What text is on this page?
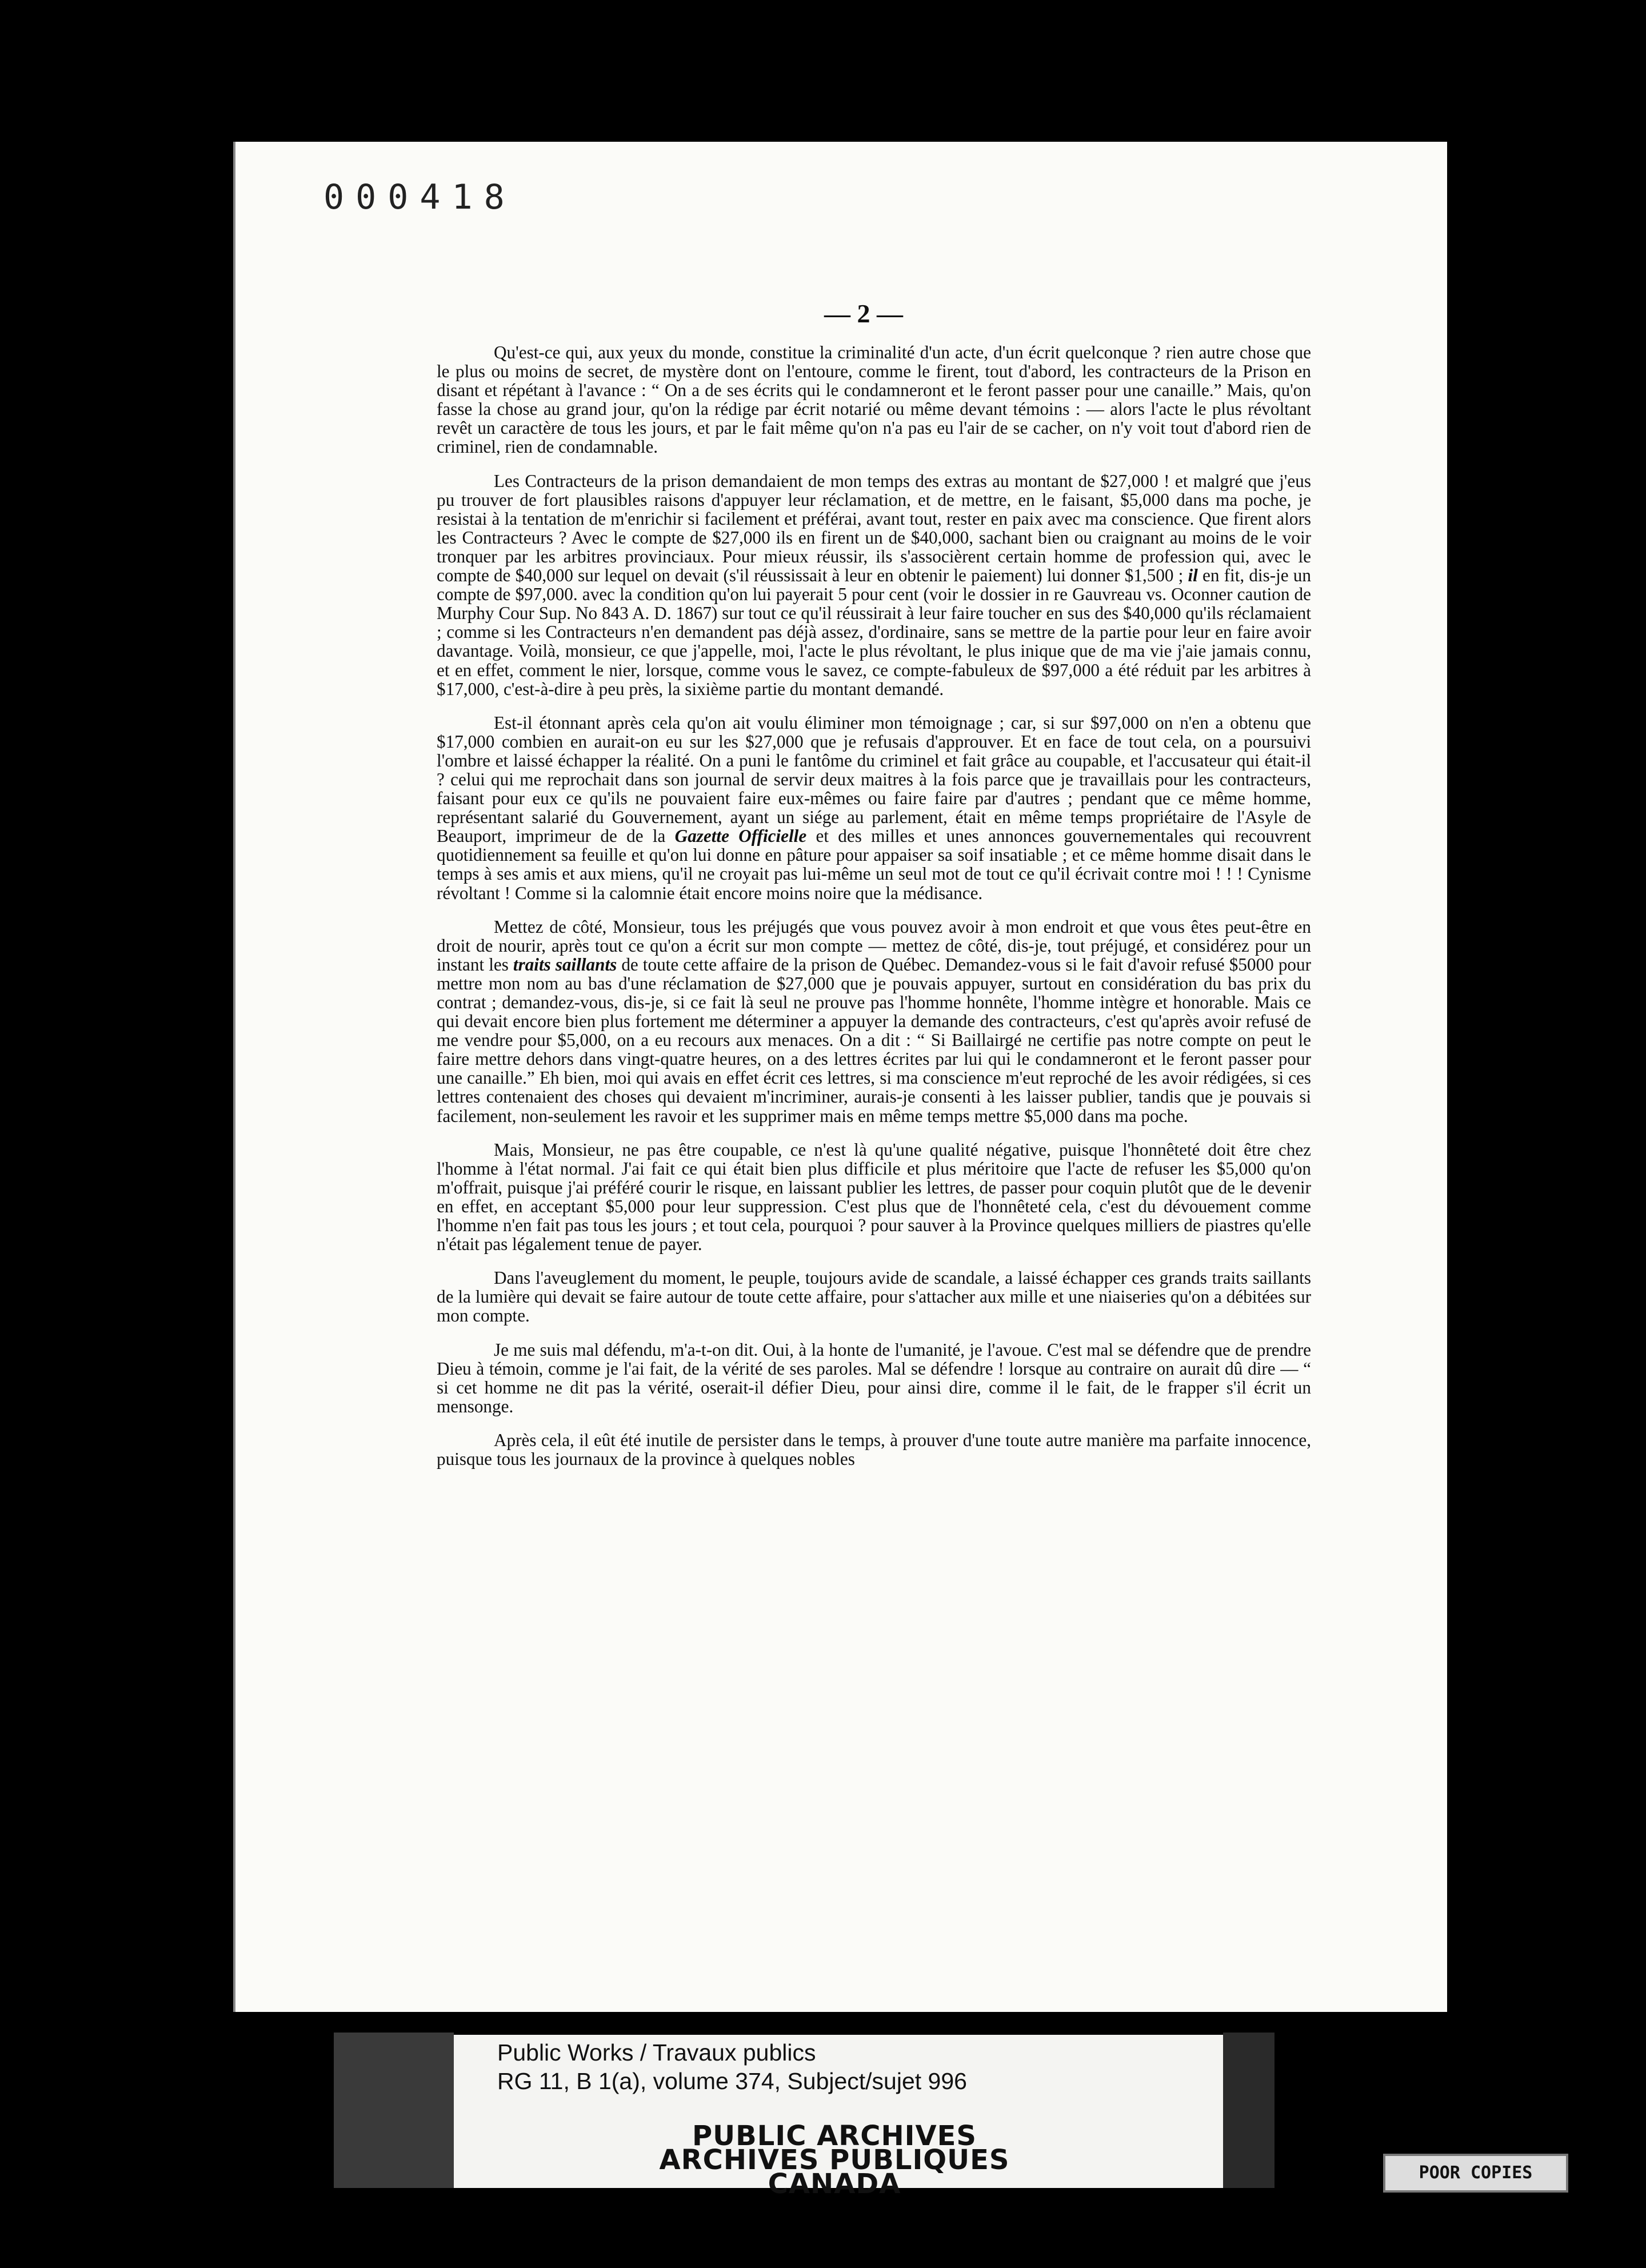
000418
— 2 —

Qu'est-ce qui, aux yeux du monde, constitue la criminalité d'un acte, d'un écrit quelconque ? rien autre chose que le plus ou moins de secret, de mystère dont on l'entoure, comme le firent, tout d'abord, les contracteurs de la Prison en disant et répétant à l'avance : “ On a de ses écrits qui le condamneront et le feront passer pour une canaille.” Mais, qu'on fasse la chose au grand jour, qu'on la rédige par écrit notarié ou même devant témoins : — alors l'acte le plus révoltant revêt un caractère de tous les jours, et par le fait même qu'on n'a pas eu l'air de se cacher, on n'y voit tout d'abord rien de criminel, rien de condamnable.

Les Contracteurs de la prison demandaient de mon temps des extras au montant de $27,000 ! et malgré que j'eus pu trouver de fort plausibles raisons d'appuyer leur réclamation, et de mettre, en le faisant, $5,000 dans ma poche, je resistai à la tentation de m'enrichir si facilement et préférai, avant tout, rester en paix avec ma conscience. Que firent alors les Contracteurs ? Avec le compte de $27,000 ils en firent un de $40,000, sachant bien ou craignant au moins de le voir tronquer par les arbitres provinciaux. Pour mieux réussir, ils s'associèrent certain homme de profession qui, avec le compte de $40,000 sur lequel on devait (s'il réussissait à leur en obtenir le paiement) lui donner $1,500 ; il en fit, dis-je un compte de $97,000. avec la condition qu'on lui payerait 5 pour cent (voir le dossier in re Gauvreau vs. Oconner caution de Murphy Cour Sup. No 843 A. D. 1867) sur tout ce qu'il réussirait à leur faire toucher en sus des $40,000 qu'ils réclamaient ; comme si les Contracteurs n'en demandent pas déjà assez, d'ordinaire, sans se mettre de la partie pour leur en faire avoir davantage. Voilà, monsieur, ce que j'appelle, moi, l'acte le plus révoltant, le plus inique que de ma vie j'aie jamais connu, et en effet, comment le nier, lorsque, comme vous le savez, ce compte-fabuleux de $97,000 a été réduit par les arbitres à $17,000, c'est-à-dire à peu près, la sixième partie du montant demandé.

Est-il étonnant après cela qu'on ait voulu éliminer mon témoignage ; car, si sur $97,000 on n'en a obtenu que $17,000 combien en aurait-on eu sur les $27,000 que je refusais d'approuver. Et en face de tout cela, on a poursuivi l'ombre et laissé échapper la réalité. On a puni le fantôme du criminel et fait grâce au coupable, et l'accusateur qui était-il ? celui qui me reprochait dans son journal de servir deux maitres à la fois parce que je travaillais pour les contracteurs, faisant pour eux ce qu'ils ne pouvaient faire eux-mêmes ou faire faire par d'autres ; pendant que ce même homme, représentant salarié du Gouvernement, ayant un siége au parlement, était en même temps propriétaire de l'Asyle de Beauport, imprimeur de de la Gazette Officielle et des milles et unes annonces gouvernementales qui recouvrent quotidiennement sa feuille et qu'on lui donne en pâture pour appaiser sa soif insatiable ; et ce même homme disait dans le temps à ses amis et aux miens, qu'il ne croyait pas lui-même un seul mot de tout ce qu'il écrivait contre moi ! ! ! Cynisme révoltant ! Comme si la calomnie était encore moins noire que la médisance.

Mettez de côté, Monsieur, tous les préjugés que vous pouvez avoir à mon endroit et que vous êtes peut-être en droit de nourir, après tout ce qu'on a écrit sur mon compte — mettez de côté, dis-je, tout préjugé, et considérez pour un instant les traits saillants de toute cette affaire de la prison de Québec. Demandez-vous si le fait d'avoir refusé $5000 pour mettre mon nom au bas d'une réclamation de $27,000 que je pouvais appuyer, surtout en considération du bas prix du contrat ; demandez-vous, dis-je, si ce fait là seul ne prouve pas l'homme honnête, l'homme intègre et honorable. Mais ce qui devait encore bien plus fortement me déterminer a appuyer la demande des contracteurs, c'est qu'après avoir refusé de me vendre pour $5,000, on a eu recours aux menaces. On a dit : “ Si Baillairgé ne certifie pas notre compte on peut le faire mettre dehors dans vingt-quatre heures, on a des lettres écrites par lui qui le condamneront et le feront passer pour une canaille.” Eh bien, moi qui avais en effet écrit ces lettres, si ma conscience m'eut reproché de les avoir rédigées, si ces lettres contenaient des choses qui devaient m'incriminer, aurais-je consenti à les laisser publier, tandis que je pouvais si facilement, non-seulement les ravoir et les supprimer mais en même temps mettre $5,000 dans ma poche.

Mais, Monsieur, ne pas être coupable, ce n'est là qu'une qualité négative, puisque l'honnêteté doit être chez l'homme à l'état normal. J'ai fait ce qui était bien plus difficile et plus méritoire que l'acte de refuser les $5,000 qu'on m'offrait, puisque j'ai préféré courir le risque, en laissant publier les lettres, de passer pour coquin plutôt que de le devenir en effet, en acceptant $5,000 pour leur suppression. C'est plus que de l'honnêteté cela, c'est du dévouement comme l'homme n'en fait pas tous les jours ; et tout cela, pourquoi ? pour sauver à la Province quelques milliers de piastres qu'elle n'était pas légalement tenue de payer.

Dans l'aveuglement du moment, le peuple, toujours avide de scandale, a laissé échapper ces grands traits saillants de la lumière qui devait se faire autour de toute cette affaire, pour s'attacher aux mille et une niaiseries qu'on a débitées sur mon compte.

Je me suis mal défendu, m'a-t-on dit. Oui, à la honte de l'umanité, je l'avoue. C'est mal se défendre que de prendre Dieu à témoin, comme je l'ai fait, de la vérité de ses paroles. Mal se défendre ! lorsque au contraire on aurait dû dire — “ si cet homme ne dit pas la vérité, oserait-il défier Dieu, pour ainsi dire, comme il le fait, de le frapper s'il écrit un mensonge.

Après cela, il eût été inutile de persister dans le temps, à prouver d'une toute autre manière ma parfaite innocence, puisque tous les journaux de la province à quelques nobles

Public Works / Travaux publics

RG 11, B 1(a), volume 374, Subject/sujet 996

PUBLIC ARCHIVES
ARCHIVES PUBLIQUES
CANADA	POOR COPIES
